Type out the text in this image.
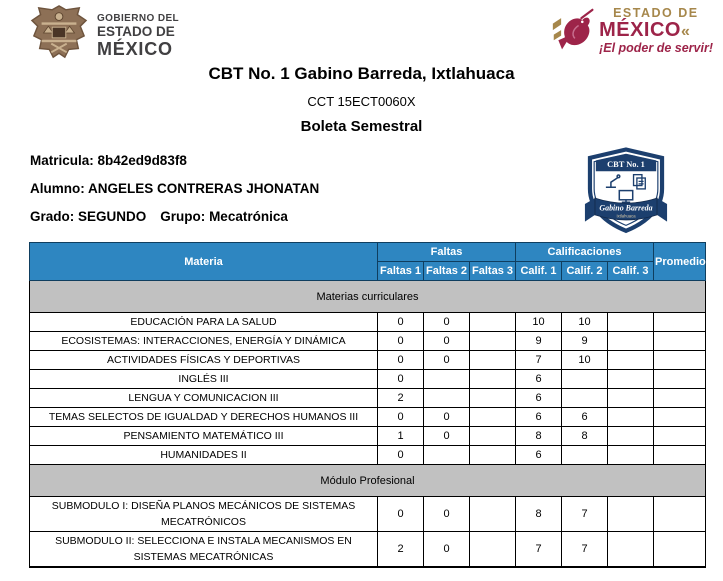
GOBIERNO DEL
ESTADO DE
MÉXICO
ESTADO DE
MÉXICO«
¡El poder de servir!
CBT No. 1 Gabino Barreda, Ixtlahuaca
CCT 15ECT0060X
Boleta Semestral
Matricula: 8b42ed9d83f8
Alumno: ANGELES CONTRERAS JHONATAN
Grado: SEGUNDO Grupo: Mecatrónica
CBT No. 1
Gabino Barreda
Ixtlahuaca
Materia	Faltas			Calificaciones			Promedio
	Faltas 1	Faltas 2	Faltas 3	Calif. 1	Calif. 2	Calif. 3	
Materias curriculares							
EDUCACIÓN PARA LA SALUD	0	0		10	10		
ECOSISTEMAS: INTERACCIONES, ENERGÍA Y DINÁMICA	0	0		9	9		
ACTIVIDADES FÍSICAS Y DEPORTIVAS	0	0		7	10		
INGLÉS III	0			6			
LENGUA Y COMUNICACION III	2			6			
TEMAS SELECTOS DE IGUALDAD Y DERECHOS HUMANOS III	0	0		6	6		
PENSAMIENTO MATEMÁTICO III	1	0		8	8		
HUMANIDADES II	0			6			
Módulo Profesional							
SUBMODULO I: DISEÑA PLANOS MECÁNICOS DE SISTEMAS MECATRÓNICOS	0	0		8	7		
SUBMODULO II: SELECCIONA E INSTALA MECANISMOS EN SISTEMAS MECATRÓNICAS	2	0		7	7		
